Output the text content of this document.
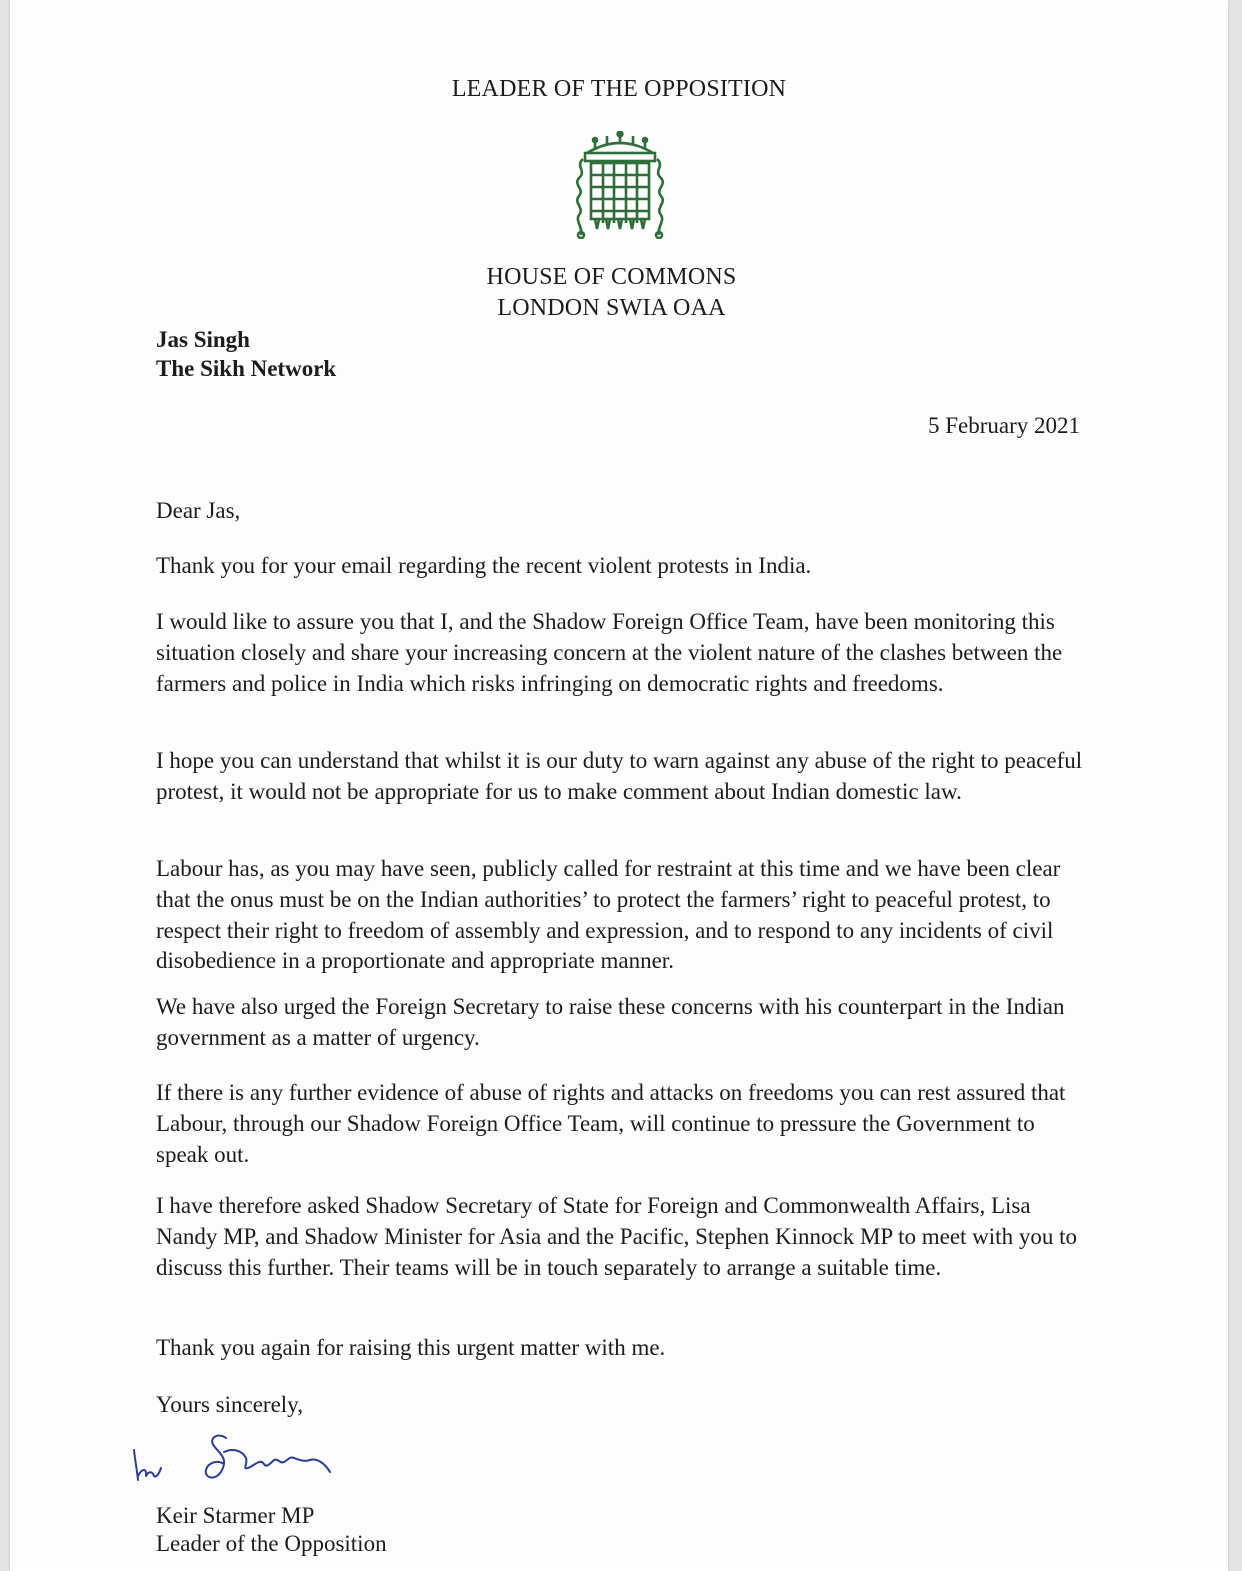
LEADER OF THE OPPOSITION
HOUSE OF COMMONS
LONDON SWIA OAA
Jas Singh
The Sikh Network
5 February 2021
Dear Jas,
Thank you for your email regarding the recent violent protests in India.
I would like to assure you that I, and the Shadow Foreign Office Team, have been monitoring this situation closely and share your increasing concern at the violent nature of the clashes between the farmers and police in India which risks infringing on democratic rights and freedoms.
I hope you can understand that whilst it is our duty to warn against any abuse of the right to peaceful protest, it would not be appropriate for us to make comment about Indian domestic law.
Labour has, as you may have seen, publicly called for restraint at this time and we have been clear that the onus must be on the Indian authorities’ to protect the farmers’ right to peaceful protest, to respect their right to freedom of assembly and expression, and to respond to any incidents of civil disobedience in a proportionate and appropriate manner.
We have also urged the Foreign Secretary to raise these concerns with his counterpart in the Indian government as a matter of urgency.
If there is any further evidence of abuse of rights and attacks on freedoms you can rest assured that Labour, through our Shadow Foreign Office Team, will continue to pressure the Government to speak out.
I have therefore asked Shadow Secretary of State for Foreign and Commonwealth Affairs, Lisa Nandy MP, and Shadow Minister for Asia and the Pacific, Stephen Kinnock MP to meet with you to discuss this further. Their teams will be in touch separately to arrange a suitable time.
Thank you again for raising this urgent matter with me.
Yours sincerely,
Keir Starmer MP
Leader of the Opposition
